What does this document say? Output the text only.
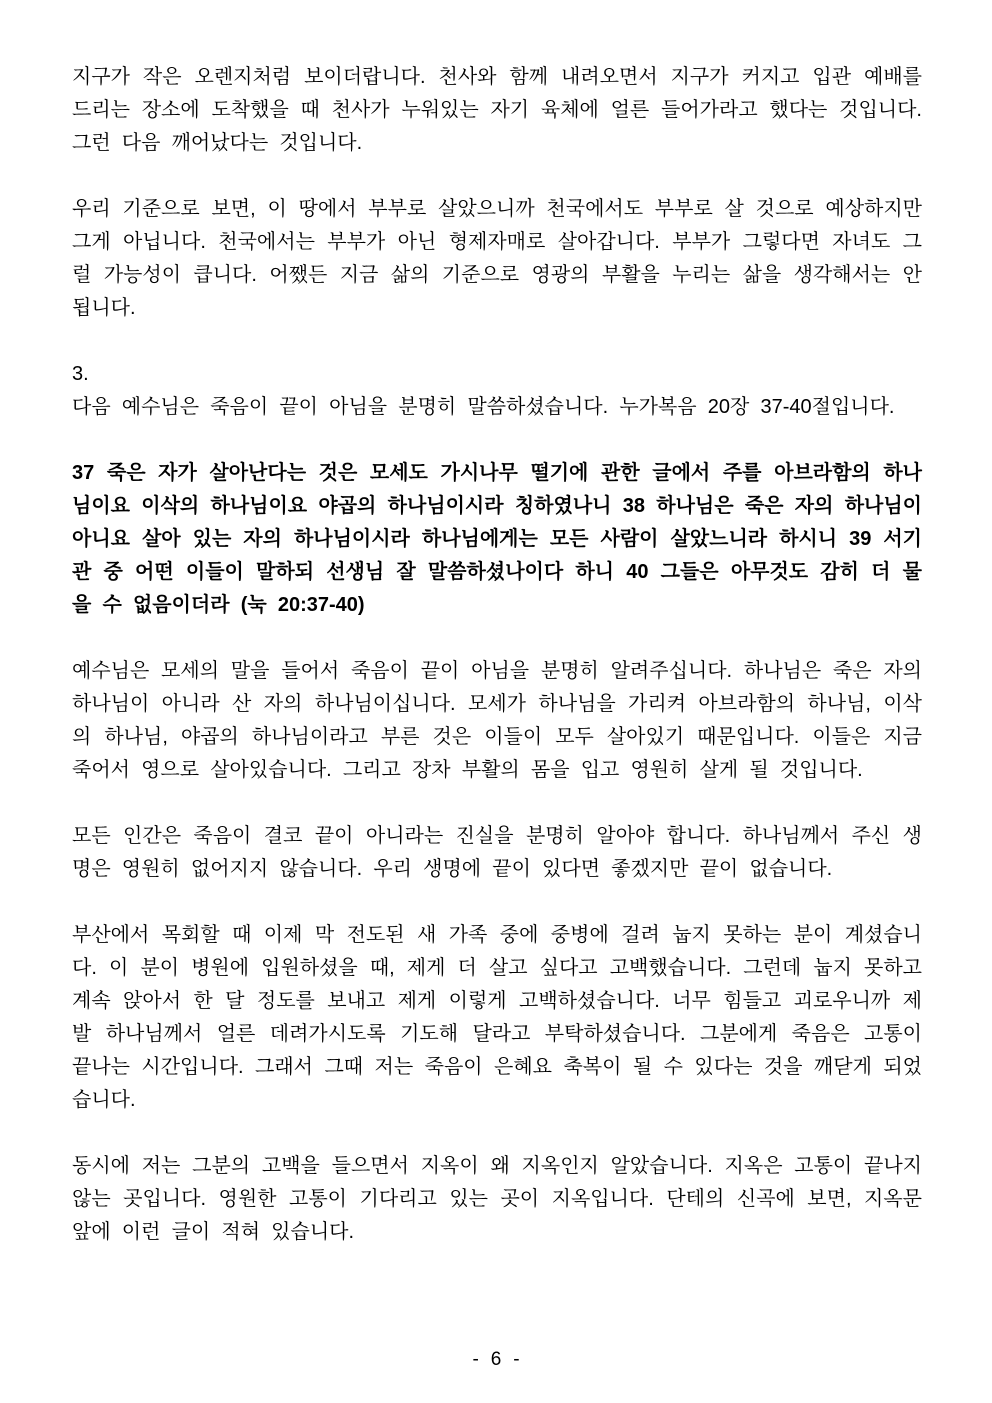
지구가 작은 오렌지처럼 보이더랍니다. 천사와 함께 내려오면서 지구가 커지고 입관 예배를 드리는 장소에 도착했을 때 천사가 누워있는 자기 육체에 얼른 들어가라고 했다는 것입니다. 그런 다음 깨어났다는 것입니다.

우리 기준으로 보면, 이 땅에서 부부로 살았으니까 천국에서도 부부로 살 것으로 예상하지만 그게 아닙니다. 천국에서는 부부가 아닌 형제자매로 살아갑니다. 부부가 그렇다면 자녀도 그럴 가능성이 큽니다. 어쨌든 지금 삶의 기준으로 영광의 부활을 누리는 삶을 생각해서는 안 됩니다.

3.

다음 예수님은 죽음이 끝이 아님을 분명히 말씀하셨습니다. 누가복음 20장 37-40절입니다.

37 죽은 자가 살아난다는 것은 모세도 가시나무 떨기에 관한 글에서 주를 아브라함의 하나님이요 이삭의 하나님이요 야곱의 하나님이시라 칭하였나니 38 하나님은 죽은 자의 하나님이 아니요 살아 있는 자의 하나님이시라 하나님에게는 모든 사람이 살았느니라 하시니 39 서기관 중 어떤 이들이 말하되 선생님 잘 말씀하셨나이다 하니 40 그들은 아무것도 감히 더 물을 수 없음이더라 (눅 20:37-40)

예수님은 모세의 말을 들어서 죽음이 끝이 아님을 분명히 알려주십니다. 하나님은 죽은 자의 하나님이 아니라 산 자의 하나님이십니다. 모세가 하나님을 가리켜 아브라함의 하나님, 이삭의 하나님, 야곱의 하나님이라고 부른 것은 이들이 모두 살아있기 때문입니다. 이들은 지금 죽어서 영으로 살아있습니다. 그리고 장차 부활의 몸을 입고 영원히 살게 될 것입니다.

모든 인간은 죽음이 결코 끝이 아니라는 진실을 분명히 알아야 합니다. 하나님께서 주신 생명은 영원히 없어지지 않습니다. 우리 생명에 끝이 있다면 좋겠지만 끝이 없습니다.

부산에서 목회할 때 이제 막 전도된 새 가족 중에 중병에 걸려 눕지 못하는 분이 계셨습니다. 이 분이 병원에 입원하셨을 때, 제게 더 살고 싶다고 고백했습니다. 그런데 눕지 못하고 계속 앉아서 한 달 정도를 보내고 제게 이렇게 고백하셨습니다. 너무 힘들고 괴로우니까 제발 하나님께서 얼른 데려가시도록 기도해 달라고 부탁하셨습니다. 그분에게 죽음은 고통이 끝나는 시간입니다. 그래서 그때 저는 죽음이 은혜요 축복이 될 수 있다는 것을 깨닫게 되었습니다.

동시에 저는 그분의 고백을 들으면서 지옥이 왜 지옥인지 알았습니다. 지옥은 고통이 끝나지 않는 곳입니다. 영원한 고통이 기다리고 있는 곳이 지옥입니다. 단테의 신곡에 보면, 지옥문 앞에 이런 글이 적혀 있습니다.

- 6 -
